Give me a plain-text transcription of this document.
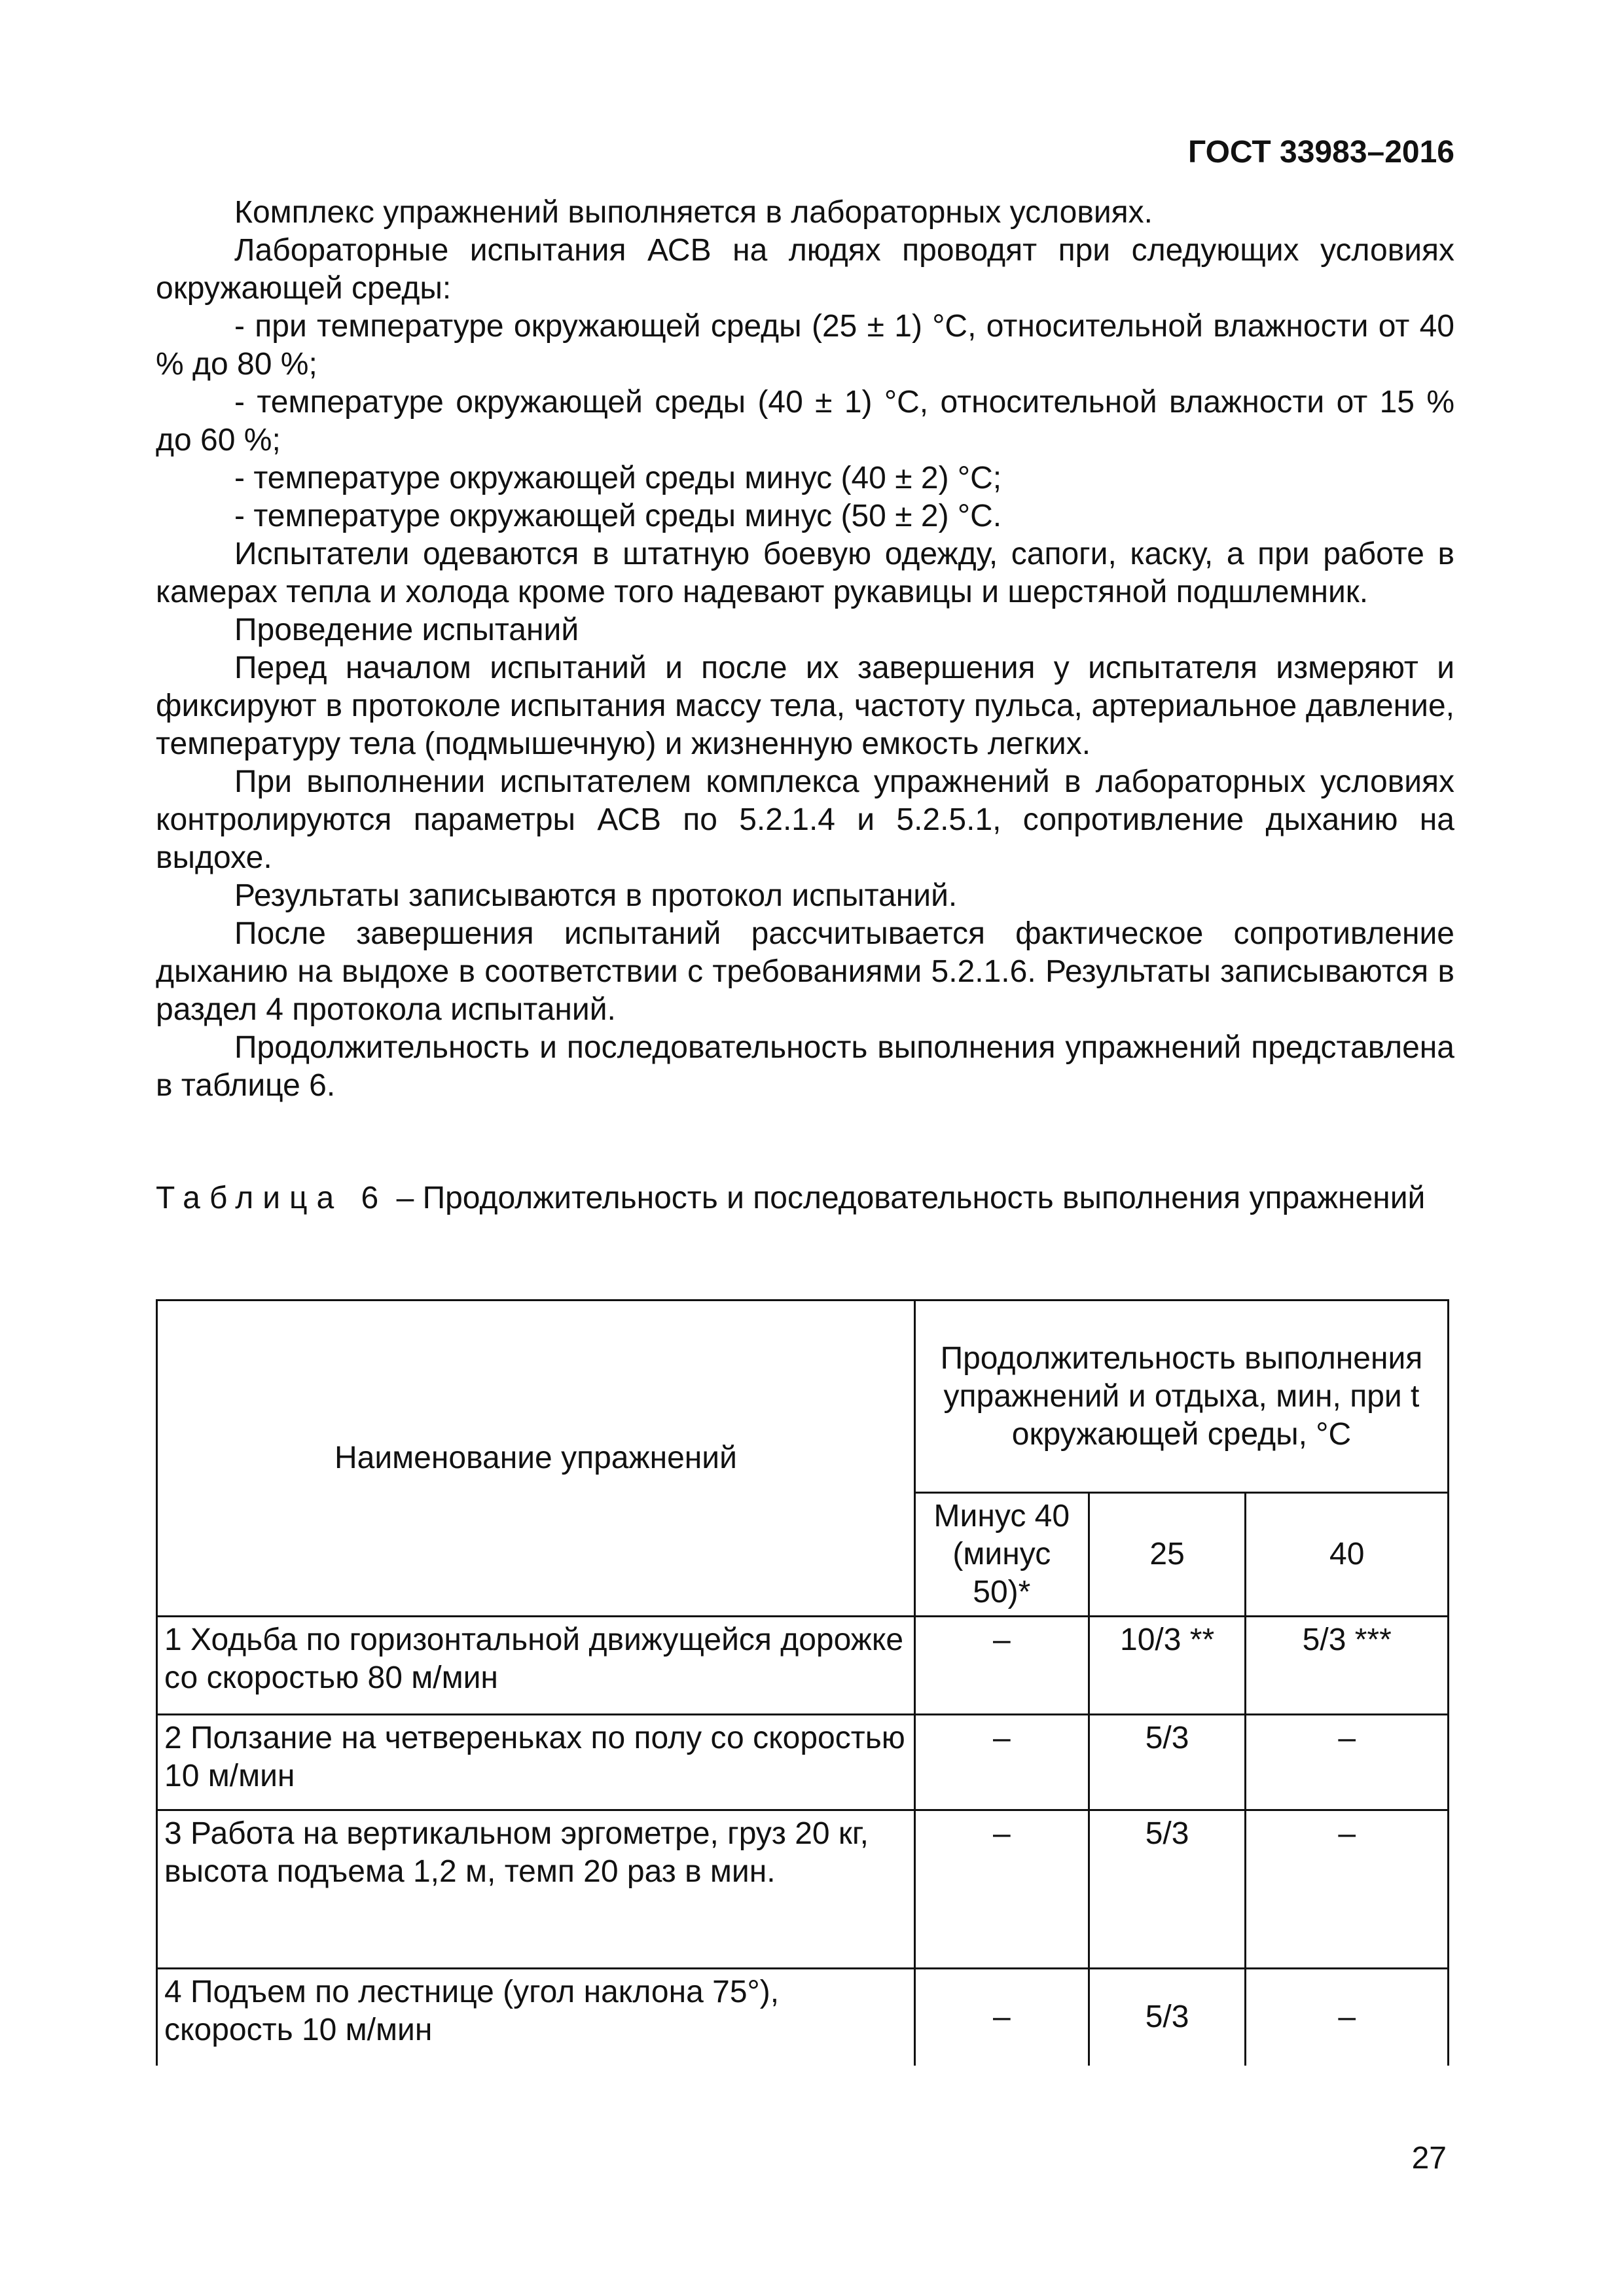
ГОСТ 33983–2016

Комплекс упражнений выполняется в лабораторных условиях.

Лабораторные испытания АСВ на людях проводят при следующих условиях окружающей среды:

- при температуре окружающей среды (25 ± 1) °С, относительной влажности от 40 % до 80 %;

- температуре окружающей среды (40 ± 1) °С, относительной влажности от 15 % до 60 %;

- температуре окружающей среды минус (40 ± 2) °С;

- температуре окружающей среды минус (50 ± 2) °С.

Испытатели одеваются в штатную боевую одежду, сапоги, каску, а при работе в камерах тепла и холода кроме того надевают рукавицы и шерстяной подшлемник.

Проведение испытаний

Перед началом испытаний и после их завершения у испытателя измеряют и фиксируют в протоколе испытания массу тела, частоту пульса, артериальное давление, температуру тела (подмышечную) и жизненную емкость легких.

При выполнении испытателем комплекса упражнений в лабораторных условиях контролируются параметры АСВ по 5.2.1.4 и 5.2.5.1, сопротивление дыханию на выдохе.

Результаты записываются в протокол испытаний.

После завершения испытаний рассчитывается фактическое сопротивление дыханию на выдохе в соответствии с требованиями 5.2.1.6. Результаты записываются в раздел 4 протокола испытаний.

Продолжительность и последовательность выполнения упражнений представлена в таблице 6.

Таблица 6 – Продолжительность и последовательность выполнения упражнений
Наименование упражнений	Продолжительность выполнения упражнений и отдыха, мин, при t окружающей среды, °С		
	Минус 40 (минус 50)*	25	40
1 Ходьба по горизонтальной движущейся дорожке со скоростью 80 м/мин	–	10/3 **	5/3 ***
2 Ползание на четвереньках по полу со скоростью 10 м/мин	–	5/3	–
3 Работа на вертикальном эргометре, груз 20 кг, высота подъема 1,2 м, темп 20 раз в мин.	–	5/3	–
4 Подъем по лестнице (угол наклона 75°), скорость 10 м/мин	–	5/3	–
27
